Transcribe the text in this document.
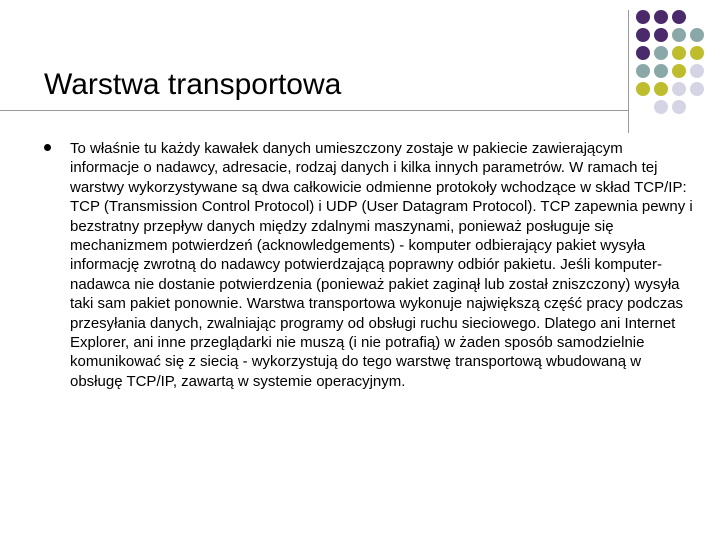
Warstwa transportowa

To właśnie tu każdy kawałek danych umieszczony zostaje w pakiecie zawierającym informacje o nadawcy, adresacie, rodzaj danych i kilka innych parametrów. W ramach tej warstwy wykorzystywane są dwa całkowicie odmienne protokoły wchodzące w skład TCP/IP: TCP (Transmission Control Protocol) i UDP (User Datagram Protocol). TCP zapewnia pewny i bezstratny przepływ danych między zdalnymi maszynami, ponieważ posługuje się mechanizmem potwierdzeń (acknowledgements) - komputer odbierający pakiet wysyła informację zwrotną do nadawcy potwierdzającą poprawny odbiór pakietu. Jeśli komputer-nadawca nie dostanie potwierdzenia (ponieważ pakiet zaginął lub został zniszczony) wysyła taki sam pakiet ponownie. Warstwa transportowa wykonuje największą część pracy podczas przesyłania danych, zwalniając programy od obsługi ruchu sieciowego. Dlatego ani Internet Explorer, ani inne przeglądarki nie muszą (i nie potrafią) w żaden sposób samodzielnie komunikować się z siecią - wykorzystują do tego warstwę transportową wbudowaną w obsługę TCP/IP, zawartą w systemie operacyjnym.
